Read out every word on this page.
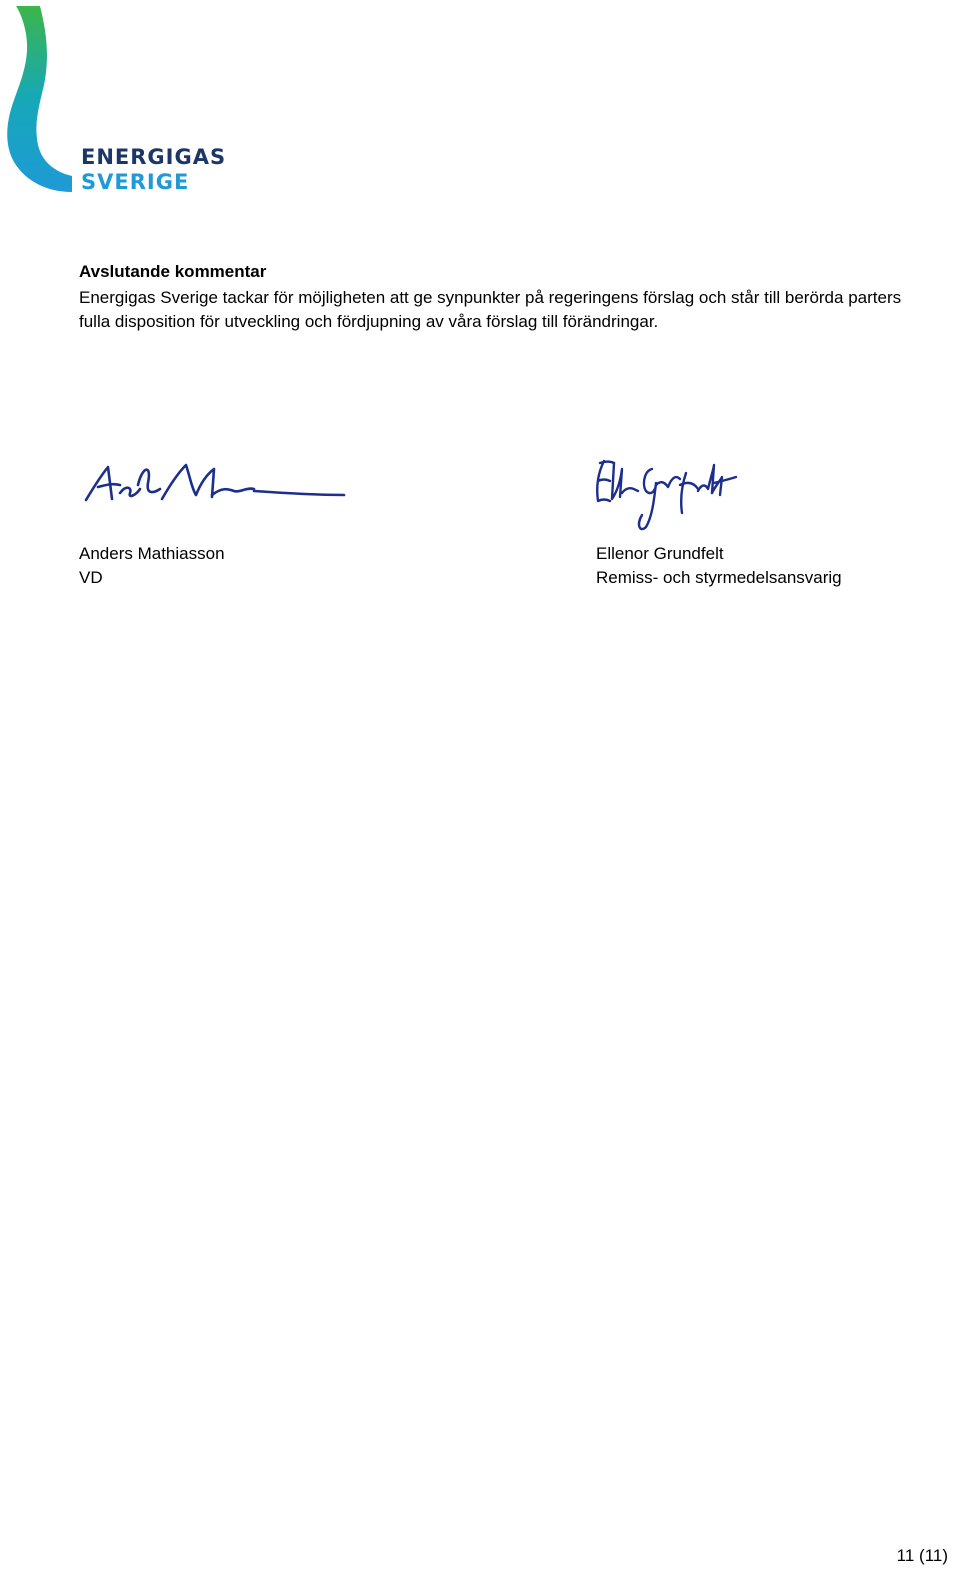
ENERGIGAS
SVERIGE
Avslutande kommentar
Energigas Sverige tackar för möjligheten att ge synpunkter på regeringens förslag och står till berörda parters fulla disposition för utveckling och fördjupning av våra förslag till förändringar.
Anders Mathiasson
VD
Ellenor Grundfelt
Remiss- och styrmedelsansvarig
11 (11)
